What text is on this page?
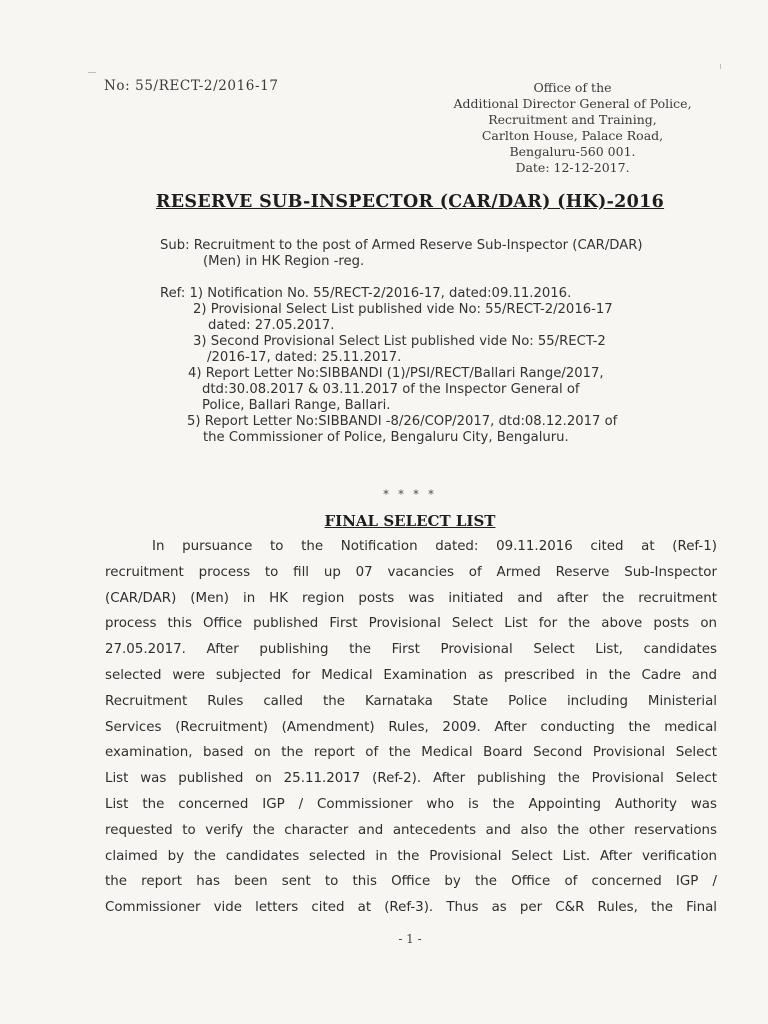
No: 55/RECT-2/2016-17	Office of the
Additional Director General of Police,
Recruitment and Training,
Carlton House, Palace Road,
Bengaluru-560 001.
Date: 12-12-2017.
RESERVE SUB-INSPECTOR (CAR/DAR) (HK)-2016
Sub: Recruitment to the post of Armed Reserve Sub-Inspector (CAR/DAR)
(Men) in HK Region -reg.
Ref: 1) Notification No. 55/RECT-2/2016-17, dated:09.11.2016.
2) Provisional Select List published vide No: 55/RECT-2/2016-17
dated: 27.05.2017.
3) Second Provisional Select List published vide No: 55/RECT-2
/2016-17, dated: 25.11.2017.
4) Report Letter No:SIBBANDI (1)/PSI/RECT/Ballari Range/2017,
dtd:30.08.2017 & 03.11.2017 of the Inspector General of
Police, Ballari Range, Ballari.
5) Report Letter No:SIBBANDI -8/26/COP/2017, dtd:08.12.2017 of
the Commissioner of Police, Bengaluru City, Bengaluru.
* * * *
FINAL SELECT LIST
In pursuance to the Notification dated: 09.11.2016 cited at (Ref-1)
recruitment process to fill up 07 vacancies of Armed Reserve Sub-Inspector
(CAR/DAR) (Men) in HK region posts was initiated and after the recruitment
process this Office published First Provisional Select List for the above posts on
27.05.2017. After publishing the First Provisional Select List, candidates
selected were subjected for Medical Examination as prescribed in the Cadre and
Recruitment Rules called the Karnataka State Police including Ministerial
Services (Recruitment) (Amendment) Rules, 2009. After conducting the medical
examination, based on the report of the Medical Board Second Provisional Select
List was published on 25.11.2017 (Ref-2). After publishing the Provisional Select
List the concerned IGP / Commissioner who is the Appointing Authority was
requested to verify the character and antecedents and also the other reservations
claimed by the candidates selected in the Provisional Select List. After verification
the report has been sent to this Office by the Office of concerned IGP /
Commissioner vide letters cited at (Ref-3). Thus as per C&R Rules, the Final
- 1 -
